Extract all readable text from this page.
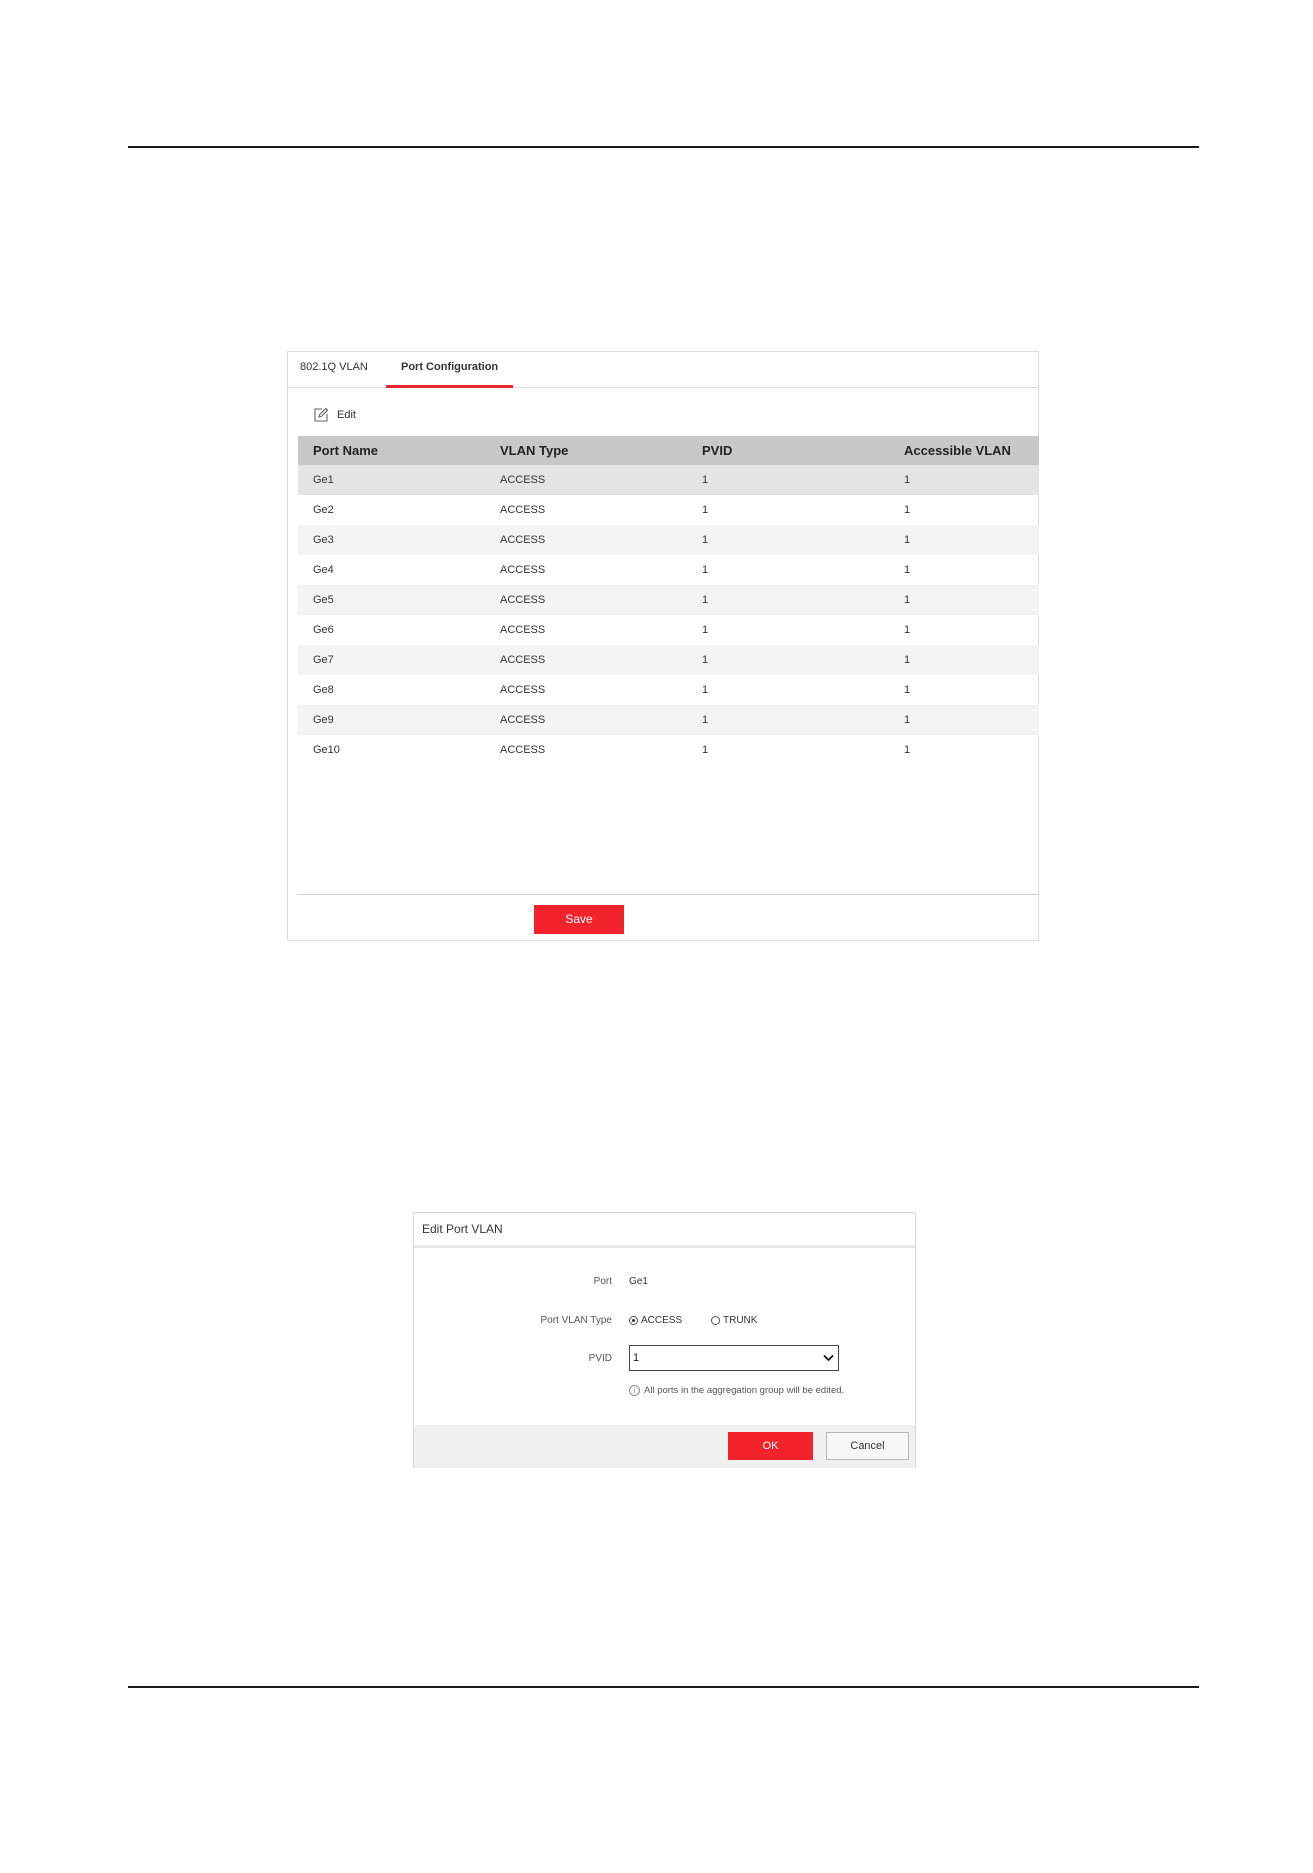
802.1Q VLAN	Port Configuration
Edit
Port Name	VLAN Type	PVID	Accessible VLAN
Ge1	ACCESS	1	1
Ge2	ACCESS	1	1
Ge3	ACCESS	1	1
Ge4	ACCESS	1	1
Ge5	ACCESS	1	1
Ge6	ACCESS	1	1
Ge7	ACCESS	1	1
Ge8	ACCESS	1	1
Ge9	ACCESS	1	1
Ge10	ACCESS	1	1
Save
Edit Port VLAN
Port Ge1
Port VLAN Type	ACCESS	TRUNK
PVID	1
i All ports in the aggregation group will be edited.
OK	Cancel
